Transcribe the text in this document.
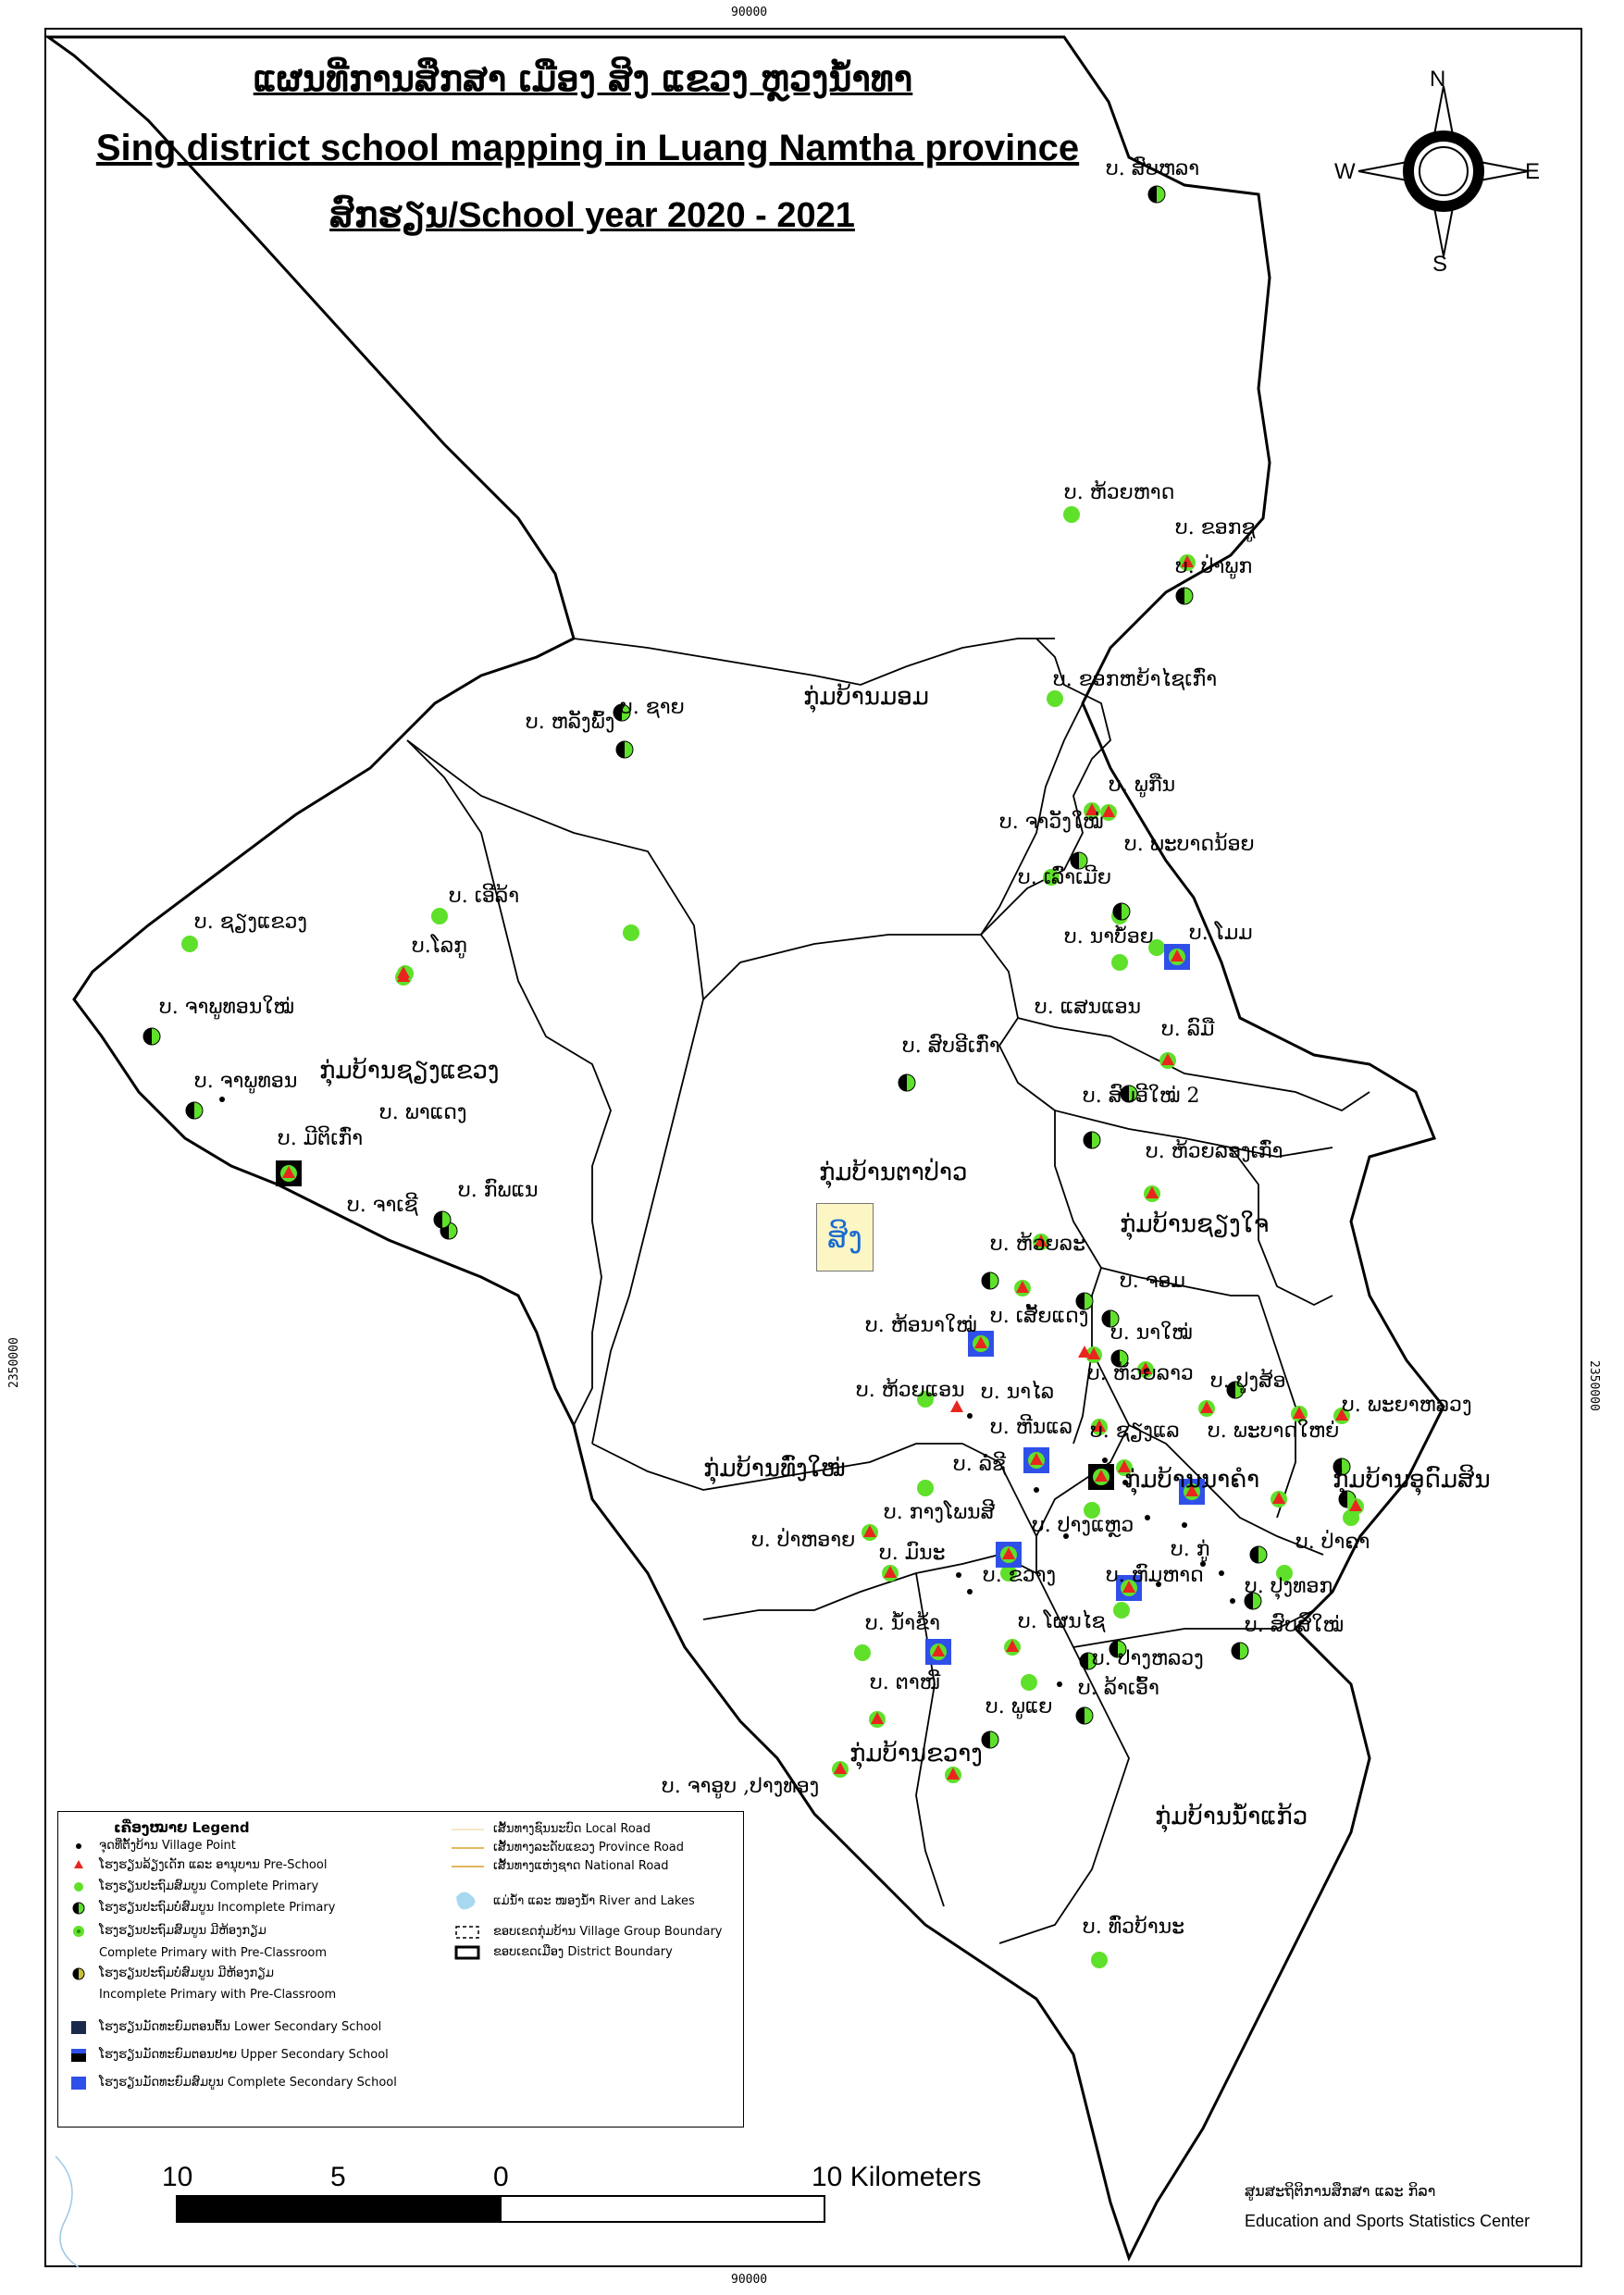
90000
90000
2350000	2350000
ແຜນທີ່ການສຶກສາ ເມືອງ ສິງ ແຂວງ ຫຼວງນ້ຳທາ
Sing district school mapping in Luang Namtha province
ສົກຮຽນ/School year 2020 - 2021
N
S
E
W
ສິງ
ກຸ່ມບ້ານມອມ
ກຸ່ມບ້ານຊຽງແຂວງ
ກຸ່ມບ້ານຕາປ່າວ
ກຸ່ມບ້ານຊຽງໃຈ
ກຸ່ມບ້ານທົ່ງໃໝ່	ກຸ່ມບ້ານນາຄຳ	ກຸ່ມບ້ານອຸດົມສິນ
ກຸ່ມບ້ານຂວາງ
ກຸ່ມບ້ານນ້ຳແກ້ວ
ບ. ສົບຫລາ
ບ. ຫ້ວຍຫາດ
ບ. ຂອກຊູ
ບ. ປ່າພູກ
ບ. ຂອກຫຍ້າໄຊເກົ່າ
ບ. ຊາຍ
ບ. ຫລັງພົ້ງ
ບ. ພູກືນ
ບ. ຈາວັງໃໝ່
ບ. ພະບາດນ້ອຍ
ບ. ເລົ່າເມີຍ
ບ. ນາບໍ້ອຍ ບ. ໂມມ
ບ. ແສນແອນ
ບ. ລົມື
ບ. ສົບອີເກົ່າ
ບ. ສົບອີໃໝ່ 2
ບ. ຫ້ວຍລອງເກົ່າ
ບ. ຊຽງແຂວງ
ບ. ເອີລ້າ
ບ.ໂລກູ
ບ. ຈາພູທອນໃໝ່
ບ. ຈາພູທອນ
ບ. ພາແດງ
ບ. ມີຕິເກົ່າ
ບ. ຈາເຊີ
ບ. ກົພແນ
ບ. ຫ້ວຍລະ
ບ. ຈອມ
ບ. ຫ້ອນາໃໝ່ ບ. ເສັ້ຍແດງ
ບ. ນາໃໝ່
ບ. ຫ້ວຍແອນ ບ. ນາໄລ
ບ. ຫ້ວຍລາວ ບ. ປູງສ້ອ
ບ. ພະຍາຫລວງ
ບ. ຫີນແລ ບ. ຊຽງແລ ບ. ພະບາດໃຫຍ່
ບ. ລໍ່ຊີ
ບ. ກາງໂພນສີ
ບ. ປາງແຫຼວ
ບ. ກູ່	ບ. ປ່າຄາ
ບ. ປ່າຫອາຍ
ບ. ມົນະ
ບ. ຂວາງ ບ. ຫົມຫາດ ບ. ປຸງທອກ
ບ. ສົບສິໃໝ່
ບ. ນ້ຳຂ້າ	ບ. ໂຜນໄຊ
ບ. ປາງຫລວງ
ບ. ຕາໜີ	ບ. ລ້າເອົ້າ
ບ. ພູແຍ
ບ. ຈາອູບ ,ປາງທອງ
ບ. ທົ່ວບ້ານະ
ເຄື່ອງໝາຍ Legend
ຈຸດທີ່ຕັ້ງບ້ານ Village Point
ໂຮງຮຽນລ້ຽງເດັກ ແລະ ອານຸບານ Pre-School
ໂຮງຮຽນປະຖົມສົມບູນ Complete Primary
ໂຮງຮຽນປະຖົມບໍ່ສົມບູນ Incomplete Primary
ໂຮງຮຽນປະຖົມສົມບູນ ມີຫ້ອງກຽມ
Complete Primary with Pre-Classroom
ໂຮງຮຽນປະຖົມບໍ່ສົມບູນ ມີຫ້ອງກຽມ
Incomplete Primary with Pre-Classroom
ໂຮງຮຽນມັດທະຍົມຕອນຕົ້ນ Lower Secondary School
ໂຮງຮຽນມັດທະຍົມຕອນປາຍ Upper Secondary School
ໂຮງຮຽນມັດທະຍົມສົມບູນ Complete Secondary School
ເສັ້ນທາງຊົນນະບົດ Local Road
ເສັ້ນທາງລະດັບແຂວງ Province Road
ເສັ້ນທາງແຫ່ງຊາດ National Road
ແມ່ນ້ຳ ແລະ ໜອງນ້ຳ River and Lakes
ຂອບເຂດກຸ່ມບ້ານ Village Group Boundary
ຂອບເຂດເມືອງ District Boundary
10	5	0	10 Kilometers	ສູນສະຖິຕິການສຶກສາ ແລະ ກິລາ
Education and Sports Statistics Center
